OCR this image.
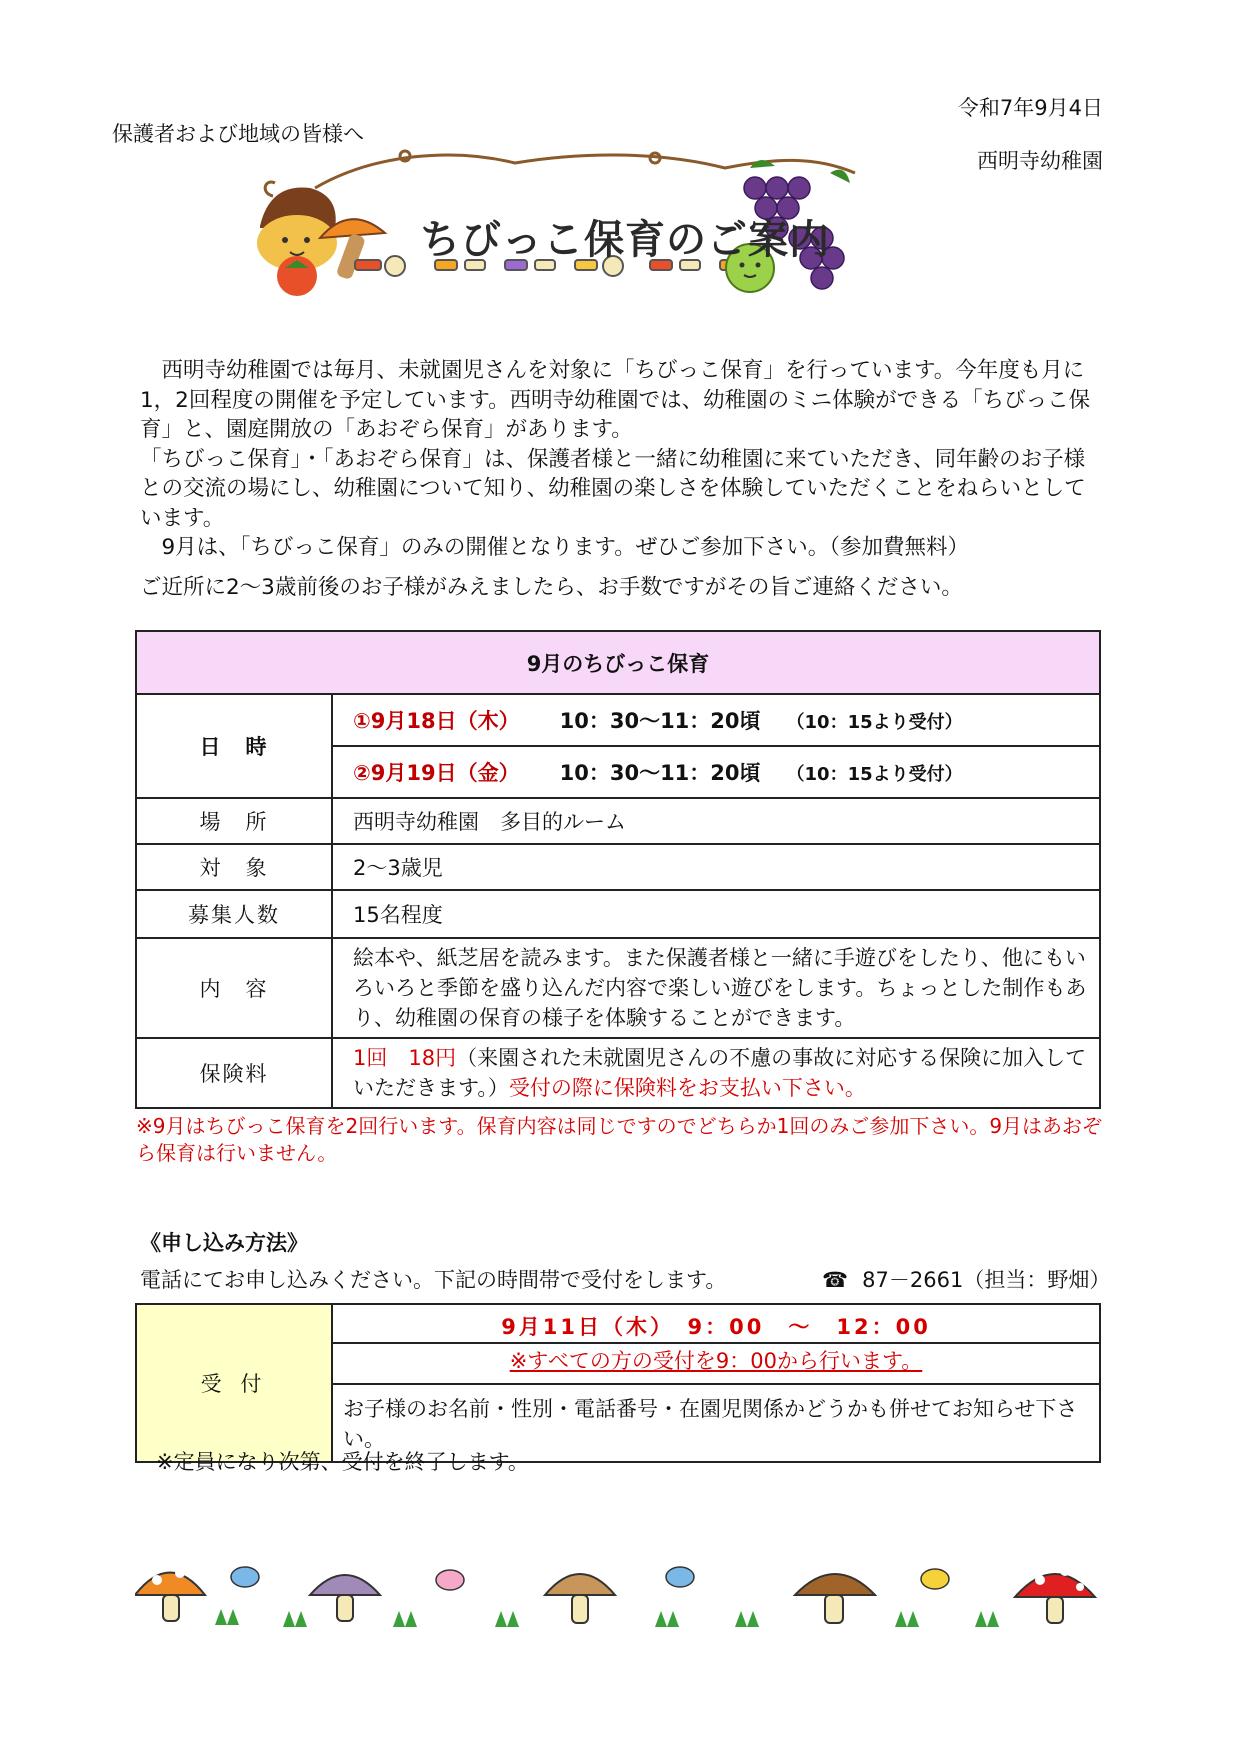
令和7年9月4日
保護者および地域の皆様へ
西明寺幼稚園
ちびっこ保育のご案内

　西明寺幼稚園では毎月、未就園児さんを対象に「ちびっこ保育」を行っています。今年度も月に1，2回程度の開催を予定しています。西明寺幼稚園では、幼稚園のミニ体験ができる「ちびっこ保育」と、園庭開放の「あおぞら保育」があります。

「ちびっこ保育」・「あおぞら保育」は、保護者様と一緒に幼稚園に来ていただき、同年齢のお子様との交流の場にし、幼稚園について知り、幼稚園の楽しさを体験していただくことをねらいとしています。

　9月は、「ちびっこ保育」のみの開催となります。ぜひご参加下さい。（参加費無料）

ご近所に2～3歳前後のお子様がみえましたら、お手数ですがその旨ご連絡ください。

9月のちびっこ保育	
日　時	①9月18日（木） 10：30～11：20頃 （10：15より受付）
	②9月19日（金） 10：30～11：20頃 （10：15より受付）
場　所	西明寺幼稚園　多目的ルーム
対　象	2～3歳児
募集人数	15名程度
内　容	絵本や、紙芝居を読みます。また保護者様と一緒に手遊びをしたり、他にもいろいろと季節を盛り込んだ内容で楽しい遊びをします。ちょっとした制作もあり、幼稚園の保育の様子を体験することができます。
保険料	1回　18円（来園された未就園児さんの不慮の事故に対応する保険に加入していただきます。）受付の際に保険料をお支払い下さい。
※9月はちびっこ保育を2回行います。保育内容は同じですのでどちらか1回のみご参加下さい。9月はあおぞら保育は行いません。
《申し込み方法》
電話にてお申し込みください。下記の時間帯で受付をします。	☎ 87－2661（担当：野畑）
受 付	9月11日（木）　9：00　～　12：00
※すべての方の受付を9：00から行います。
お子様のお名前・性別・電話番号・在園児関係かどうかも併せてお知らせ下さい。
※定員になり次第、受付を終了します。
